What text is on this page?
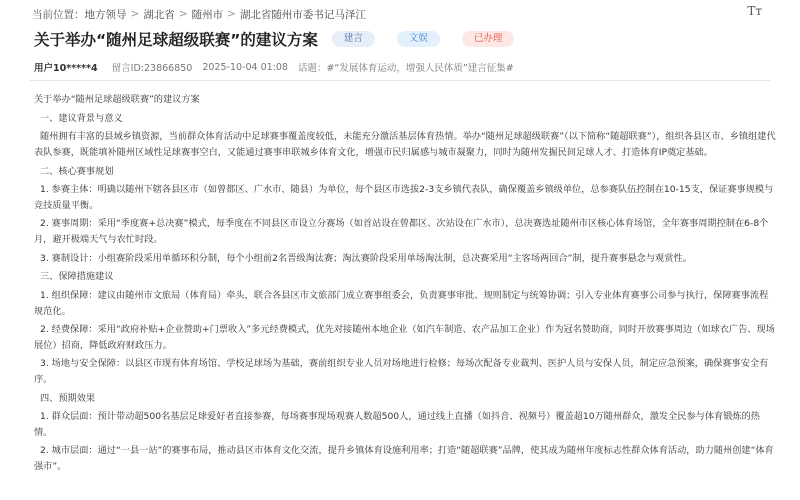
当前位置： 地方领导 > 湖北省 > 随州市 > 湖北省随州市委书记马泽江	Tт
关于举办“随州足球超级联赛”的建议方案	建言	文娱	已办理
用户10*****4 留言ID:23866850 2025-10-04 01:08 话题：#“发展体育运动，增强人民体质”建言征集#

关于举办“随州足球超级联赛”的建议方案

一、建议背景与意义

随州拥有丰富的县域乡镇资源，当前群众体育活动中足球赛事覆盖度较低，未能充分激活基层体育热情。举办“随州足球超级联赛”（以下简称“随超联赛”），组织各县区市、乡镇组建代表队参赛，既能填补随州区域性足球赛事空白，又能通过赛事串联城乡体育文化，增强市民归属感与城市凝聚力，同时为随州发掘民间足球人才、打造体育IP奠定基础。

二、核心赛事规划

1. 参赛主体：明确以随州下辖各县区市（如曾都区、广水市、随县）为单位，每个县区市选拔2-3支乡镇代表队，确保覆盖乡镇级单位，总参赛队伍控制在10-15支，保证赛事规模与竞技质量平衡。

2. 赛事周期：采用“季度赛+总决赛”模式，每季度在不同县区市设立分赛场（如首站设在曾都区、次站设在广水市），总决赛选址随州市区核心体育场馆，全年赛事周期控制在6-8个月，避开极端天气与农忙时段。

3. 赛制设计：小组赛阶段采用单循环积分制，每个小组前2名晋级淘汰赛；淘汰赛阶段采用单场淘汰制，总决赛采用“主客场两回合”制，提升赛事悬念与观赏性。

三、保障措施建议

1. 组织保障：建议由随州市文旅局（体育局）牵头，联合各县区市文旅部门成立赛事组委会，负责赛事审批、规则制定与统筹协调；引入专业体育赛事公司参与执行，保障赛事流程规范化。

2. 经费保障：采用“政府补贴+企业赞助+门票收入”多元经费模式，优先对接随州本地企业（如汽车制造、农产品加工企业）作为冠名赞助商，同时开放赛事周边（如球衣广告、现场展位）招商，降低政府财政压力。

3. 场地与安全保障：以县区市现有体育场馆、学校足球场为基础，赛前组织专业人员对场地进行检修；每场次配备专业裁判、医护人员与安保人员，制定应急预案，确保赛事安全有序。

四、预期效果

1. 群众层面：预计带动超500名基层足球爱好者直接参赛，每场赛事现场观赛人数超500人，通过线上直播（如抖音、视频号）覆盖超10万随州群众，激发全民参与体育锻炼的热情。

2. 城市层面：通过“一县一站”的赛事布局，推动县区市体育文化交流，提升乡镇体育设施利用率；打造“随超联赛”品牌，使其成为随州年度标志性群众体育活动，助力随州创建“体育强市”。
